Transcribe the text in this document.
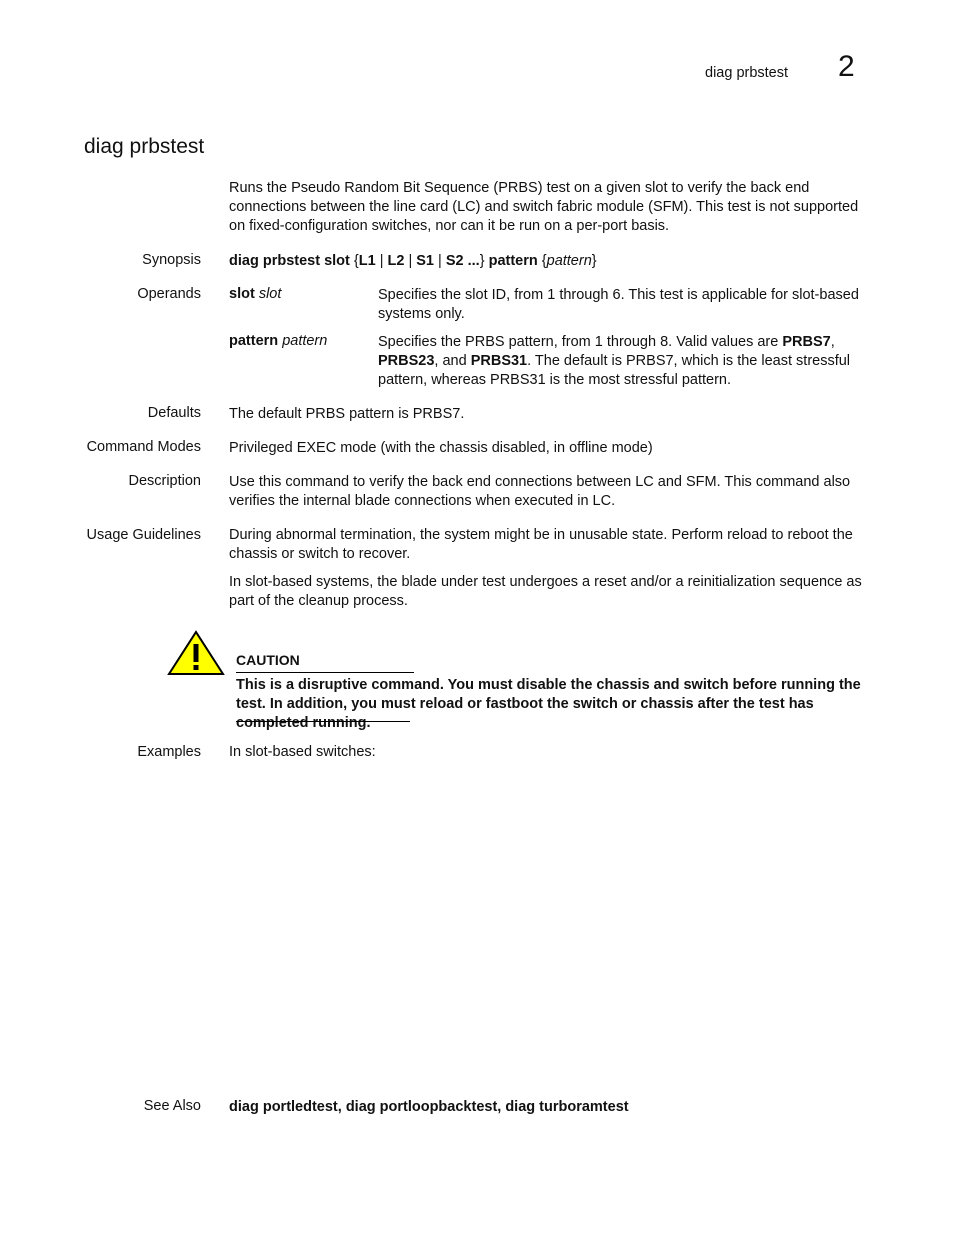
diag prbstest 2
diag prbstest
Runs the Pseudo Random Bit Sequence (PRBS) test on a given slot to verify the back end connections between the line card (LC) and switch fabric module (SFM). This test is not supported on fixed-configuration switches, nor can it be run on a per-port basis.
Synopsis diag prbstest slot {L1 | L2 | S1 | S2 ...} pattern {pattern}
Operands slot slot	Specifies the slot ID, from 1 through 6. This test is applicable for slot-based systems only.
pattern pattern	Specifies the PRBS pattern, from 1 through 8. Valid values are PRBS7, PRBS23, and PRBS31. The default is PRBS7, which is the least stressful pattern, whereas PRBS31 is the most stressful pattern.
Defaults The default PRBS pattern is PRBS7.
Command Modes Privileged EXEC mode (with the chassis disabled, in offline mode)
Description Use this command to verify the back end connections between LC and SFM. This command also verifies the internal blade connections when executed in LC.
Usage Guidelines During abnormal termination, the system might be in unusable state. Perform reload to reboot the chassis or switch to recover.
In slot-based systems, the blade under test undergoes a reset and/or a reinitialization sequence as part of the cleanup process.
CAUTION
This is a disruptive command. You must disable the chassis and switch before running the test. In addition, you must reload or fastboot the switch or chassis after the test has completed running.
Examples In slot-based switches:
See Also diag portledtest, diag portloopbacktest, diag turboramtest
